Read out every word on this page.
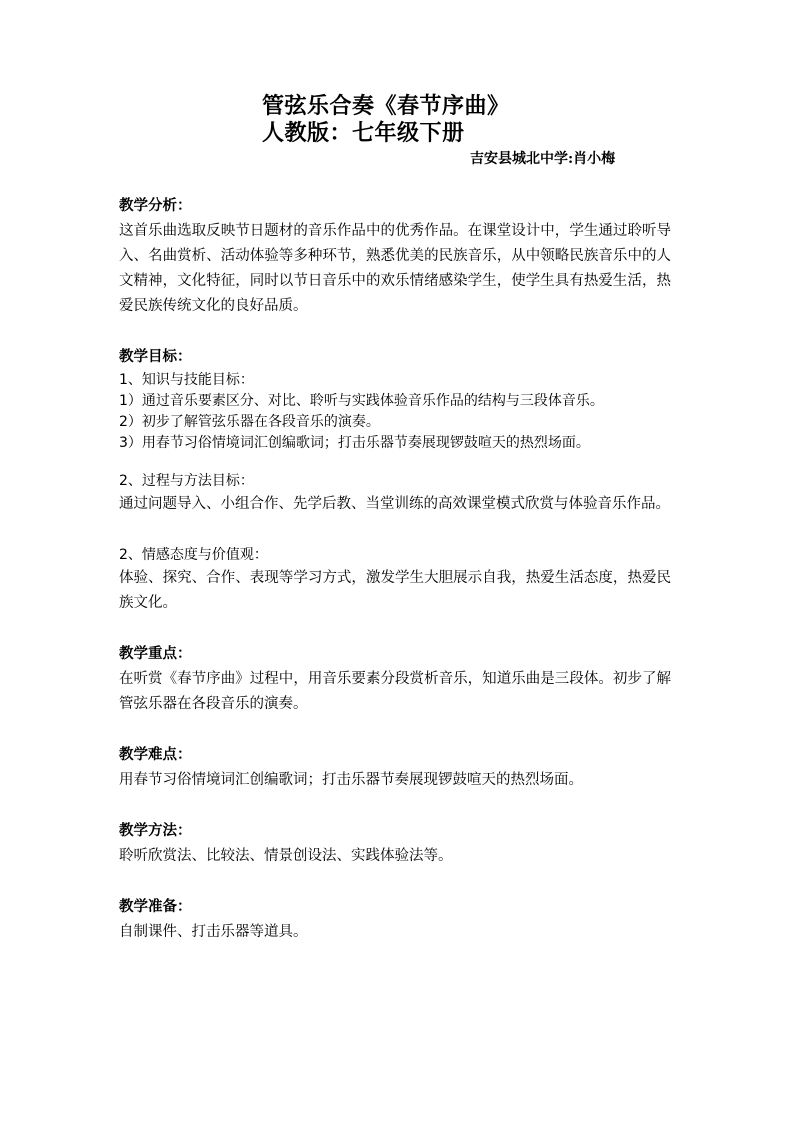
管弦乐合奏《春节序曲》
人教版：七年级下册
吉安县城北中学:肖小梅

教学分析：

这首乐曲选取反映节日题材的音乐作品中的优秀作品。在课堂设计中，学生通过聆听导入、名曲赏析、活动体验等多种环节，熟悉优美的民族音乐，从中领略民族音乐中的人文精神，文化特征，同时以节日音乐中的欢乐情绪感染学生，使学生具有热爱生活，热爱民族传统文化的良好品质。

教学目标：

1、知识与技能目标：

1）通过音乐要素区分、对比、聆听与实践体验音乐作品的结构与三段体音乐。

2）初步了解管弦乐器在各段音乐的演奏。

3）用春节习俗情境词汇创编歌词；打击乐器节奏展现锣鼓喧天的热烈场面。

2、过程与方法目标：

通过问题导入、小组合作、先学后教、当堂训练的高效课堂模式欣赏与体验音乐作品。

2、情感态度与价值观：

体验、探究、合作、表现等学习方式，激发学生大胆展示自我，热爱生活态度，热爱民族文化。

教学重点：

在听赏《春节序曲》过程中，用音乐要素分段赏析音乐，知道乐曲是三段体。初步了解管弦乐器在各段音乐的演奏。

教学难点：

用春节习俗情境词汇创编歌词；打击乐器节奏展现锣鼓喧天的热烈场面。

教学方法：

聆听欣赏法、比较法、情景创设法、实践体验法等。

教学准备：

自制课件、打击乐器等道具。
